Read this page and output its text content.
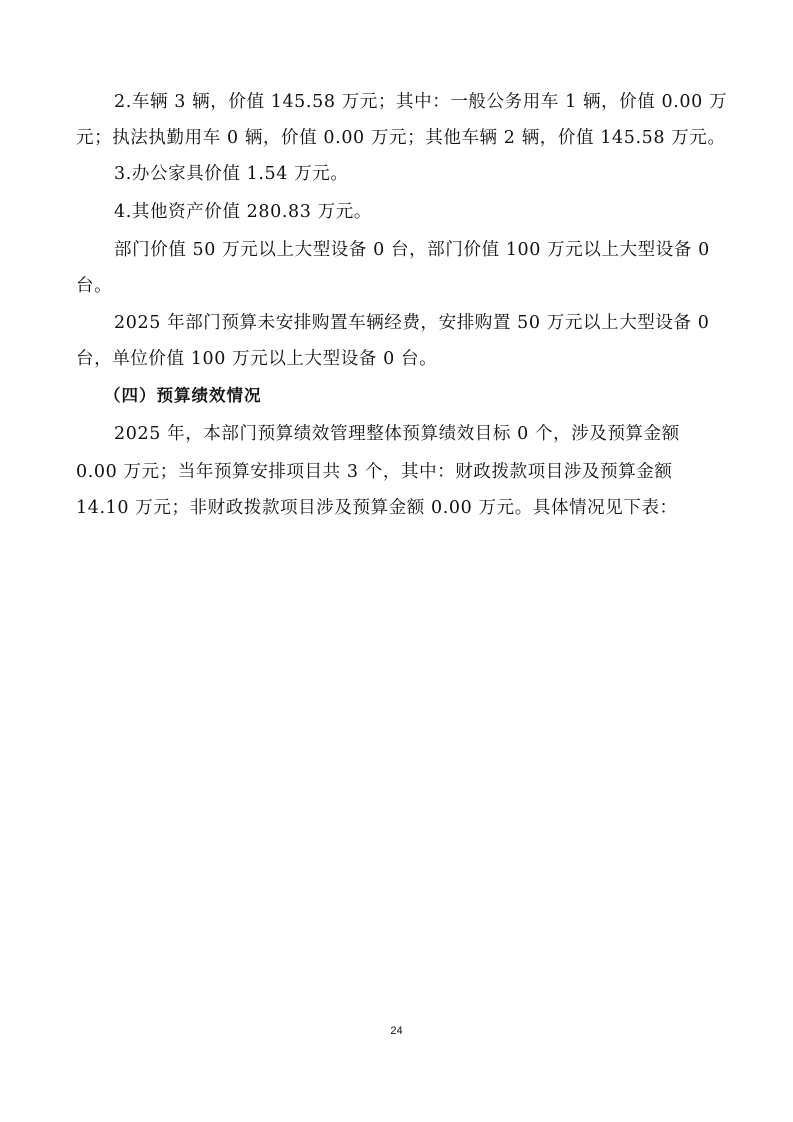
2.车辆 3 辆，价值 145.58 万元；其中：一般公务用车 1 辆，价值 0.00 万
元；执法执勤用车 0 辆，价值 0.00 万元；其他车辆 2 辆，价值 145.58 万元。
3.办公家具价值 1.54 万元。
4.其他资产价值 280.83 万元。
部门价值 50 万元以上大型设备 0 台，部门价值 100 万元以上大型设备 0
台。
2025 年部门预算未安排购置车辆经费，安排购置 50 万元以上大型设备 0
台，单位价值 100 万元以上大型设备 0 台。
（四）预算绩效情况
2025 年，本部门预算绩效管理整体预算绩效目标 0 个，涉及预算金额
0.00 万元；当年预算安排项目共 3 个，其中：财政拨款项目涉及预算金额
14.10 万元；非财政拨款项目涉及预算金额 0.00 万元。具体情况见下表：
24
